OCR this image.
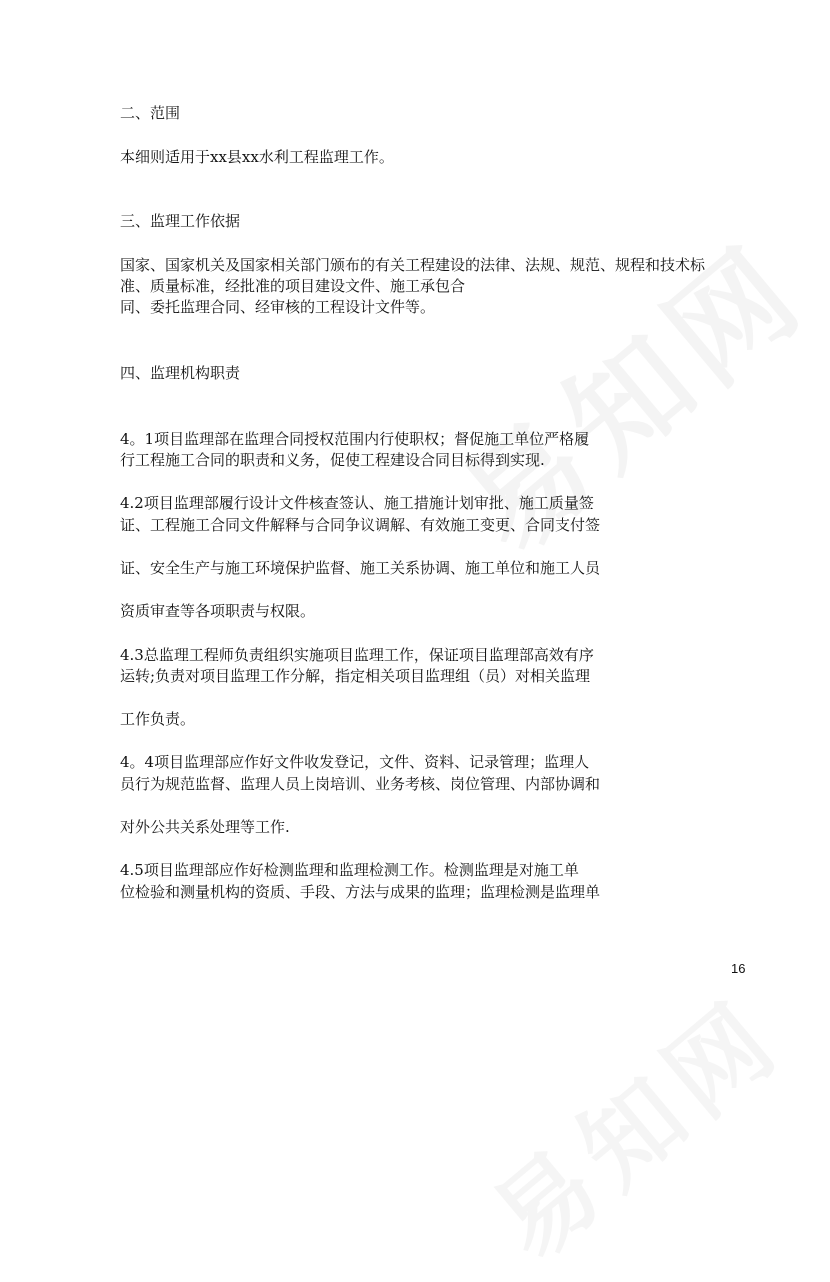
二、范围
本细则适用于xx县xx水利工程监理工作。
三、监理工作依据
国家、国家机关及国家相关部门颁布的有关工程建设的法律、法规、规范、规程和技术标
准、质量标准，经批准的项目建设文件、施工承包合
同、委托监理合同、经审核的工程设计文件等。
四、监理机构职责
4。1项目监理部在监理合同授权范围内行使职权；督促施工单位严格履
行工程施工合同的职责和义务，促使工程建设合同目标得到实现.
4.2项目监理部履行设计文件核查签认、施工措施计划审批、施工质量签
证、工程施工合同文件解释与合同争议调解、有效施工变更、合同支付签
证、安全生产与施工环境保护监督、施工关系协调、施工单位和施工人员
资质审查等各项职责与权限。
4.3总监理工程师负责组织实施项目监理工作，保证项目监理部高效有序
运转;负责对项目监理工作分解，指定相关项目监理组（员）对相关监理
工作负责。
4。4项目监理部应作好文件收发登记，文件、资料、记录管理；监理人
员行为规范监督、监理人员上岗培训、业务考核、岗位管理、内部协调和
对外公共关系处理等工作.
4.5项目监理部应作好检测监理和监理检测工作。检测监理是对施工单
位检验和测量机构的资质、手段、方法与成果的监理；监理检测是监理单
16
